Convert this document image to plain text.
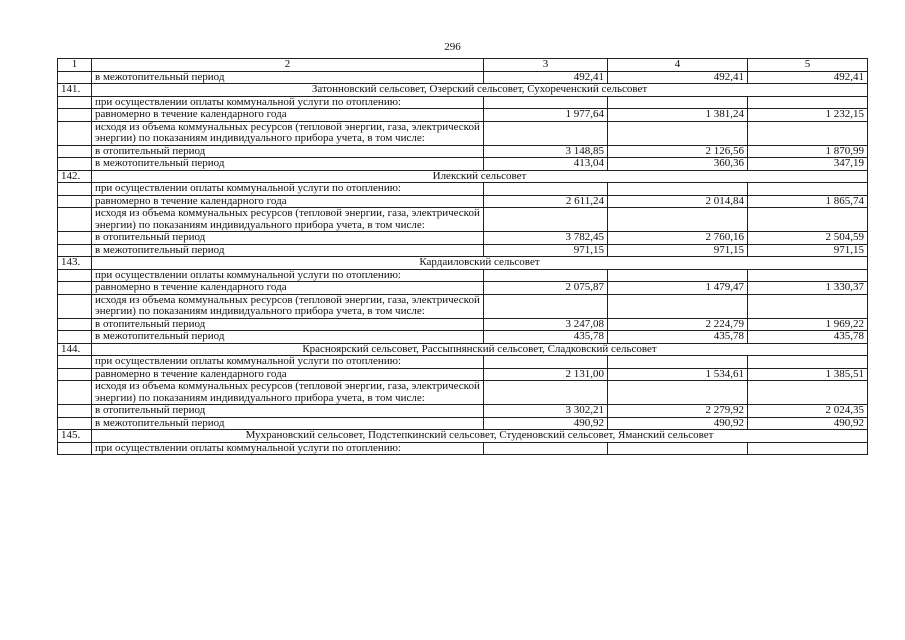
296
1	2	3	4	5
	в межотопительный период	492,41	492,41	492,41
141.	Затонновский сельсовет, Озерский сельсовет, Сухореченский сельсовет			
	при осуществлении оплаты коммунальной услуги по отоплению:			
	равномерно в течение календарного года	1 977,64	1 381,24	1 232,15
	исходя из объема коммунальных ресурсов (тепловой энергии, газа, электрической энергии) по показаниям индивидуального прибора учета, в том числе:			
	в отопительный период	3 148,85	2 126,56	1 870,99
	в межотопительный период	413,04	360,36	347,19
142.	Илекский сельсовет			
	при осуществлении оплаты коммунальной услуги по отоплению:			
	равномерно в течение календарного года	2 611,24	2 014,84	1 865,74
	исходя из объема коммунальных ресурсов (тепловой энергии, газа, электрической энергии) по показаниям индивидуального прибора учета, в том числе:			
	в отопительный период	3 782,45	2 760,16	2 504,59
	в межотопительный период	971,15	971,15	971,15
143.	Кардаиловский сельсовет			
	при осуществлении оплаты коммунальной услуги по отоплению:			
	равномерно в течение календарного года	2 075,87	1 479,47	1 330,37
	исходя из объема коммунальных ресурсов (тепловой энергии, газа, электрической энергии) по показаниям индивидуального прибора учета, в том числе:			
	в отопительный период	3 247,08	2 224,79	1 969,22
	в межотопительный период	435,78	435,78	435,78
144.	Красноярский сельсовет, Рассыпнянский сельсовет, Сладковский сельсовет			
	при осуществлении оплаты коммунальной услуги по отоплению:			
	равномерно в течение календарного года	2 131,00	1 534,61	1 385,51
	исходя из объема коммунальных ресурсов (тепловой энергии, газа, электрической энергии) по показаниям индивидуального прибора учета, в том числе:			
	в отопительный период	3 302,21	2 279,92	2 024,35
	в межотопительный период	490,92	490,92	490,92
145.	Мухрановский сельсовет, Подстепкинский сельсовет, Студеновский сельсовет, Яманский сельсовет			
	при осуществлении оплаты коммунальной услуги по отоплению:			
